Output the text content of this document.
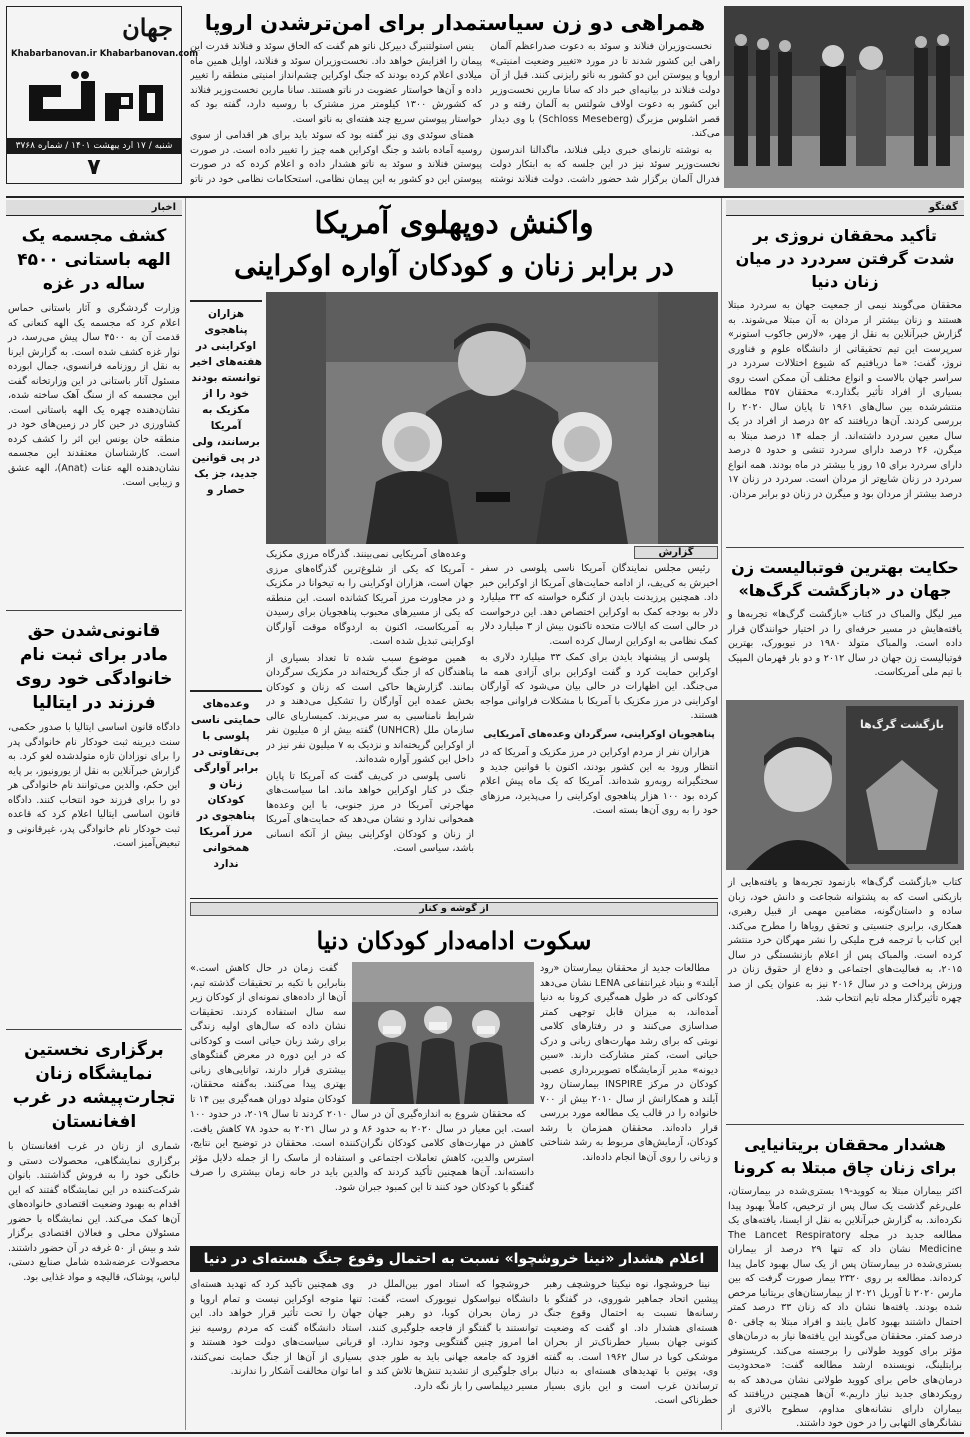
جهان
Khabarbanovan.ir Khabarbanovan.com
خبر
شنبه / ۱۷ ارد یبهشت ۱۴۰۱ / شماره ۳۷۶۸
۷
همراهی دو زن سیاستمدار برای امن‌ترشدن اروپا

نخست‌وزیران فنلاند و سوئد به دعوت صدراعظم آلمان راهی این کشور شدند تا در مورد «تغییر وضعیت امنیتی» اروپا و پیوستن این دو کشور به ناتو رایزنی کنند. قبل از آن دولت فنلاند در بیانیه‌ای خبر داد که سانا مارین نخست‌وزیر این کشور به دعوت اولاف شولتس به آلمان رفته و در قصر اشلوس مزبرگ (Schloss Meseberg) با وی دیدار می‌کند.

به نوشته تارنمای خبری دیلی فنلاند، ماگدالنا اندرسون نخست‌وزیر سوئد نیز در این جلسه که به ابتکار دولت فدرال آلمان برگزار شد حضور داشت. دولت فنلاند نوشته

ینس استولتنبرگ دبیرکل ناتو هم گفت که الحاق سوئد و فنلاند قدرت این پیمان را افزایش خواهد داد. نخست‌وزیران سوئد و فنلاند، اوایل همین ماه میلادی اعلام کرده بودند که جنگ اوکراین چشم‌انداز امنیتی منطقه را تغییر داده و آن‌ها خواستار عضویت در ناتو هستند. سانا مارین نخست‌وزیر فنلاند که کشورش ۱۳۰۰ کیلومتر مرز مشترک با روسیه دارد، گفته بود که خواستار پیوستن سریع چند هفته‌ای به ناتو است.

همتای سوئدی وی نیز گفته بود که سوئد باید برای هر اقدامی از سوی روسیه آماده باشد و جنگ اوکراین همه چیز را تغییر داده است. در صورت پیوستن فنلاند و سوئد به ناتو هشدار داده و اعلام کرده که در صورت پیوستن این دو کشور به این پیمان نظامی، استحکامات نظامی خود در ناتو

اخبار
کشف مجسمه یک الهه باستانی ۴۵۰۰ ساله در غزه
وزارت گردشگری و آثار باستانی حماس اعلام کرد که مجسمه یک الهه کنعانی که قدمت آن به ۴۵۰۰ سال پیش می‌رسد، در نوار غزه کشف شده است. به گزارش ایرنا به نقل از روزنامه فرانسوی، جمال ابورده مسئول آثار باستانی در این وزارتخانه گفت این مجسمه که از سنگ آهک ساخته شده، نشان‌دهنده چهره یک الهه باستانی است. کشاورزی در حین کار در زمین‌های خود در منطقه خان یونس این اثر را کشف کرده است. کارشناسان معتقدند این مجسمه نشان‌دهنده الهه عنات (Anat)، الهه عشق و زیبایی است.
قانونی‌شدن حق مادر برای ثبت نام خانوادگی خود روی فرزند در ایتالیا
دادگاه قانون اساسی ایتالیا با صدور حکمی، سنت دیرینه ثبت خودکار نام خانوادگی پدر را برای نوزادان تازه متولدشده لغو کرد. به گزارش خبرآنلاین به نقل از یورونیوز، بر پایه این حکم، والدین می‌توانند نام خانوادگی هر دو را برای فرزند خود انتخاب کنند. دادگاه قانون اساسی ایتالیا اعلام کرد که قاعده ثبت خودکار نام خانوادگی پدر، غیرقانونی و تبعیض‌آمیز است.
برگزاری نخستین نمایشگاه زنان تجارت‌پیشه در غرب افغانستان
شماری از زنان در غرب افغانستان با برگزاری نمایشگاهی، محصولات دستی و خانگی خود را به فروش گذاشتند. بانوان شرکت‌کننده در این نمایشگاه گفتند که این اقدام به بهبود وضعیت اقتصادی خانواده‌های آن‌ها کمک می‌کند. این نمایشگاه با حضور مسئولان محلی و فعالان اقتصادی برگزار شد و بیش از ۵۰ غرفه در آن حضور داشتند. محصولات عرضه‌شده شامل صنایع دستی، لباس، پوشاک، قالیچه و مواد غذایی بود.
گفتگو
تأکید محققان نروژی بر شدت گرفتن سردرد در میان زنان دنیا
محققان می‌گویند نیمی از جمعیت جهان به سردرد مبتلا هستند و زنان بیشتر از مردان به آن مبتلا می‌شوند. به گزارش خبرآنلاین به نقل از مِهر، «لارس جاکوب استونر» سرپرست این تیم تحقیقاتی از دانشگاه علوم و فناوری نروژ، گفت: «ما دریافتیم که شیوع اختلالات سردرد در سراسر جهان بالاست و انواع مختلف آن ممکن است روی بسیاری از افراد تأثیر بگذارد.» محققان ۳۵۷ مطالعه منتشرشده بین سال‌های ۱۹۶۱ تا پایان سال ۲۰۲۰ را بررسی کردند. آن‌ها دریافتند که ۵۲ درصد از افراد در یک سال معین سردرد داشته‌اند. از جمله ۱۴ درصد مبتلا به میگرن، ۲۶ درصد دارای سردرد تنشی و حدود ۵ درصد دارای سردرد برای ۱۵ روز یا بیشتر در ماه بودند. همه انواع سردرد در زنان شایع‌تر از مردان است. سردرد در زنان ۱۷ درصد بیشتر از مردان بود و میگرن در زنان دو برابر مردان.
حکایت بهترین فوتبالیست زن جهان در «بازگشت گرگ‌ها»
میر لیگل والمباک در کتاب «بازگشت گرگ‌ها» تجربه‌ها و یافته‌هایش در مسیر حرفه‌ای را در اختیار خوانندگان قرار داده است. والمباک متولد ۱۹۸۰ در نیویورک، بهترین فوتبالیست زن جهان در سال ۲۰۱۲ و دو بار قهرمان المپیک با تیم ملی آمریکاست.
بازگشت گرگ‌ها
کتاب «بازگشت گرگ‌ها» بازنمود تجربه‌ها و یافته‌هایی از بازیکنی است که به پشتوانه شجاعت و دانش خود، زبان ساده و داستان‌گونه، مضامین مهمی از قبیل رهبری، همکاری، برابری جنسیتی و تحقق رویاها را مطرح می‌کند. این کتاب با ترجمه فرح ملیکی را نشر مهرگان خرد منتشر کرده است. والمباک پس از اعلام بازنشستگی در سال ۲۰۱۵، به فعالیت‌های اجتماعی و دفاع از حقوق زنان در ورزش پرداخت و در سال ۲۰۱۶ نیز به عنوان یکی از صد چهره تأثیرگذار مجله تایم انتخاب شد.
هشدار محققان بریتانیایی برای زنان چاق مبتلا به کرونا
اکثر بیماران مبتلا به کووید-۱۹ بستری‌شده در بیمارستان، علی‌رغم گذشت یک سال پس از ترخیص، کاملاً بهبود پیدا نکرده‌اند. به گزارش خبرآنلاین به نقل از ایسنا، یافته‌های یک مطالعه جدید در مجله The Lancet Respiratory Medicine نشان داد که تنها ۲۹ درصد از بیماران بستری‌شده در بیمارستان پس از یک سال بهبود کامل پیدا کرده‌اند. مطالعه بر روی ۲۳۲۰ بیمار صورت گرفت که بین مارس ۲۰۲۰ تا آوریل ۲۰۲۱ از بیمارستان‌های بریتانیا مرخص شده بودند. یافته‌ها نشان داد که زنان ۳۳ درصد کمتر احتمال داشتند بهبود کامل یابند و افراد مبتلا به چاقی ۵۰ درصد کمتر. محققان می‌گویند این یافته‌ها نیاز به درمان‌های مؤثر برای کووید طولانی را برجسته می‌کند. کریستوفر برایتلینگ، نویسنده ارشد مطالعه گفت: «محدودیت درمان‌های خاص برای کووید طولانی نشان می‌دهد که به رویکردهای جدید نیاز داریم.» آن‌ها همچنین دریافتند که بیماران دارای نشانه‌های مداوم، سطوح بالاتری از نشانگرهای التهابی را در خون خود داشتند.
واکنش دوپهلوی آمریکا
در برابر زنان و کودکان آواره اوکراینی
هزاران پناهجوی اوکراینی در هفته‌های اخیر توانسته بودند خود را از مکزیک به آمریکا برسانند، ولی در پی قوانین جدید، جز یک حصار و
گزارش

رئیس مجلس نمایندگان آمریکا ناسی پلوسی در سفر اخیرش به کی‌یف، از ادامه حمایت‌های آمریکا از اوکراین خبر داد. همچنین پرزیدنت بایدن از کنگره خواسته که ۳۳ میلیارد دلار به بودجه کمک به اوکراین اختصاص دهد. این درخواست در حالی است که ایالات متحده تاکنون بیش از ۳ میلیارد دلار کمک نظامی به اوکراین ارسال کرده است.

پلوسی از پیشنهاد بایدن برای کمک ۳۳ میلیارد دلاری به اوکراین حمایت کرد و گفت اوکراین برای آزادی همه ما می‌جنگد. این اظهارات در حالی بیان می‌شود که آوارگان اوکراینی در مرز مکزیک با آمریکا با مشکلات فراوانی مواجه هستند.

پناهجویان اوکراینی، سرگردان وعده‌های آمریکایی

هزاران نفر از مردم اوکراین در مرز مکزیک و آمریکا که در انتظار ورود به این کشور بودند، اکنون با قوانین جدید و سختگیرانه روبه‌رو شده‌اند. آمریکا که یک ماه پیش اعلام کرده بود ۱۰۰ هزار پناهجوی اوکراینی را می‌پذیرد، مرزهای خود را به روی آن‌ها بسته است.

وعده‌های آمریکایی نمی‌بینند. گذرگاه مرزی مکزیک - آمریکا که یکی از شلوغ‌ترین گذرگاه‌های مرزی جهان است، هزاران اوکراینی را به تیخوانا در مکزیک و در مجاورت مرز آمریکا کشانده است. این منطقه که یکی از مسیرهای محبوب پناهجویان برای رسیدن به آمریکاست، اکنون به اردوگاه موقت آوارگان اوکراینی تبدیل شده است.

همین موضوع سبب شده تا تعداد بسیاری از پناهندگان که از جنگ گریخته‌اند در مکزیک سرگردان بمانند. گزارش‌ها حاکی است که زنان و کودکان بخش عمده این آوارگان را تشکیل می‌دهند و در شرایط نامناسبی به سر می‌برند. کمیساریای عالی سازمان ملل (UNHCR) گفته بیش از ۵ میلیون نفر از اوکراین گریخته‌اند و نزدیک به ۷ میلیون نفر نیز در داخل این کشور آواره شده‌اند.

ناسی پلوسی در کی‌یف گفت که آمریکا تا پایان جنگ در کنار اوکراین خواهد ماند. اما سیاست‌های مهاجرتی آمریکا در مرز جنوبی، با این وعده‌ها همخوانی ندارد و نشان می‌دهد که حمایت‌های آمریکا از زنان و کودکان اوکراینی بیش از آنکه انسانی باشد، سیاسی است.

وعده‌های حمایتی ناسی پلوسی با بی‌تفاوتی در برابر آوارگی زنان و کودکان پناهجوی در مرز آمریکا همخوانی ندارد
از گوشه و کنار
سکوت ادامه‌دار کودکان دنیا

مطالعات جدید از محققان بیمارستان «رود آیلند» و بنیاد غیرانتفاعی LENA نشان می‌دهد کودکانی که در طول همه‌گیری کرونا به دنیا آمده‌اند، به میزان قابل توجهی کمتر صداسازی می‌کنند و در رفتارهای کلامی نوبتی که برای رشد مهارت‌های زبانی و درک حیاتی است، کمتر مشارکت دارند. «سین دیونه» مدیر آزمایشگاه تصویربرداری عصبی کودکان در مرکز INSPIRE بیمارستان رود آیلند و همکارانش از سال ۲۰۱۰ بیش از ۷۰۰ خانواده را در قالب یک مطالعه مورد بررسی قرار داده‌اند. محققان همزمان با رشد کودکان، آزمایش‌های مربوط به رشد شناختی و زبانی را روی آن‌ها انجام داده‌اند.

گفت زمان در حال کاهش است.» بنابراین با تکیه بر تحقیقات گذشته تیم، آن‌ها از داده‌های نمونه‌ای از کودکان زیر سه سال استفاده کردند. تحقیقات نشان داده که سال‌های اولیه زندگی برای رشد زبان حیاتی است و کودکانی که در این دوره در معرض گفتگوهای بیشتری قرار دارند، توانایی‌های زبانی بهتری پیدا می‌کنند. به‌گفته محققان، کودکان متولد دوران همه‌گیری بین ۱۴ تا

که محققان شروع به اندازه‌گیری آن در سال ۲۰۱۰ کردند تا سال ۲۰۱۹، در حدود ۱۰۰ است. این معیار در سال ۲۰۲۰ به حدود ۸۶ و در سال ۲۰۲۱ به حدود ۷۸ کاهش یافت. کاهش در مهارت‌های کلامی کودکان نگران‌کننده است. محققان در توضیح این نتایج، استرس والدین، کاهش تعاملات اجتماعی و استفاده از ماسک را از جمله دلایل مؤثر دانسته‌اند. آن‌ها همچنین تأکید کردند که والدین باید در خانه زمان بیشتری را صرف گفتگو با کودکان خود کنند تا این کمبود جبران شود.

اعلام هشدار «نینا خروشچوا» نسبت به احتمال وقوع جنگ هسته‌ای در دنیا

نینا خروشچوا، نوه نیکیتا خروشچف رهبر پیشین اتحاد جماهیر شوروی، در گفتگو با رسانه‌ها نسبت به احتمال وقوع جنگ هسته‌ای هشدار داد. او گفت که وضعیت کنونی جهان بسیار خطرناک‌تر از بحران موشکی کوبا در سال ۱۹۶۲ است. به گفته وی، پوتین با تهدیدهای هسته‌ای به دنبال ترساندن غرب است و این بازی بسیار خطرناکی است.

خروشچوا که استاد امور بین‌الملل در دانشگاه نیواسکول نیویورک است، گفت: در زمان بحران کوبا، دو رهبر جهان توانستند با گفتگو از فاجعه جلوگیری کنند، اما امروز چنین گفتگویی وجود ندارد. او افزود که جامعه جهانی باید به طور جدی برای جلوگیری از تشدید تنش‌ها تلاش کند و مسیر دیپلماسی را باز نگه دارد.

وی همچنین تأکید کرد که تهدید هسته‌ای تنها متوجه اوکراین نیست و تمام اروپا و جهان را تحت تأثیر قرار خواهد داد. این استاد دانشگاه گفت که مردم روسیه نیز قربانی سیاست‌های دولت خود هستند و بسیاری از آن‌ها از جنگ حمایت نمی‌کنند، اما توان مخالفت آشکار را ندارند.
